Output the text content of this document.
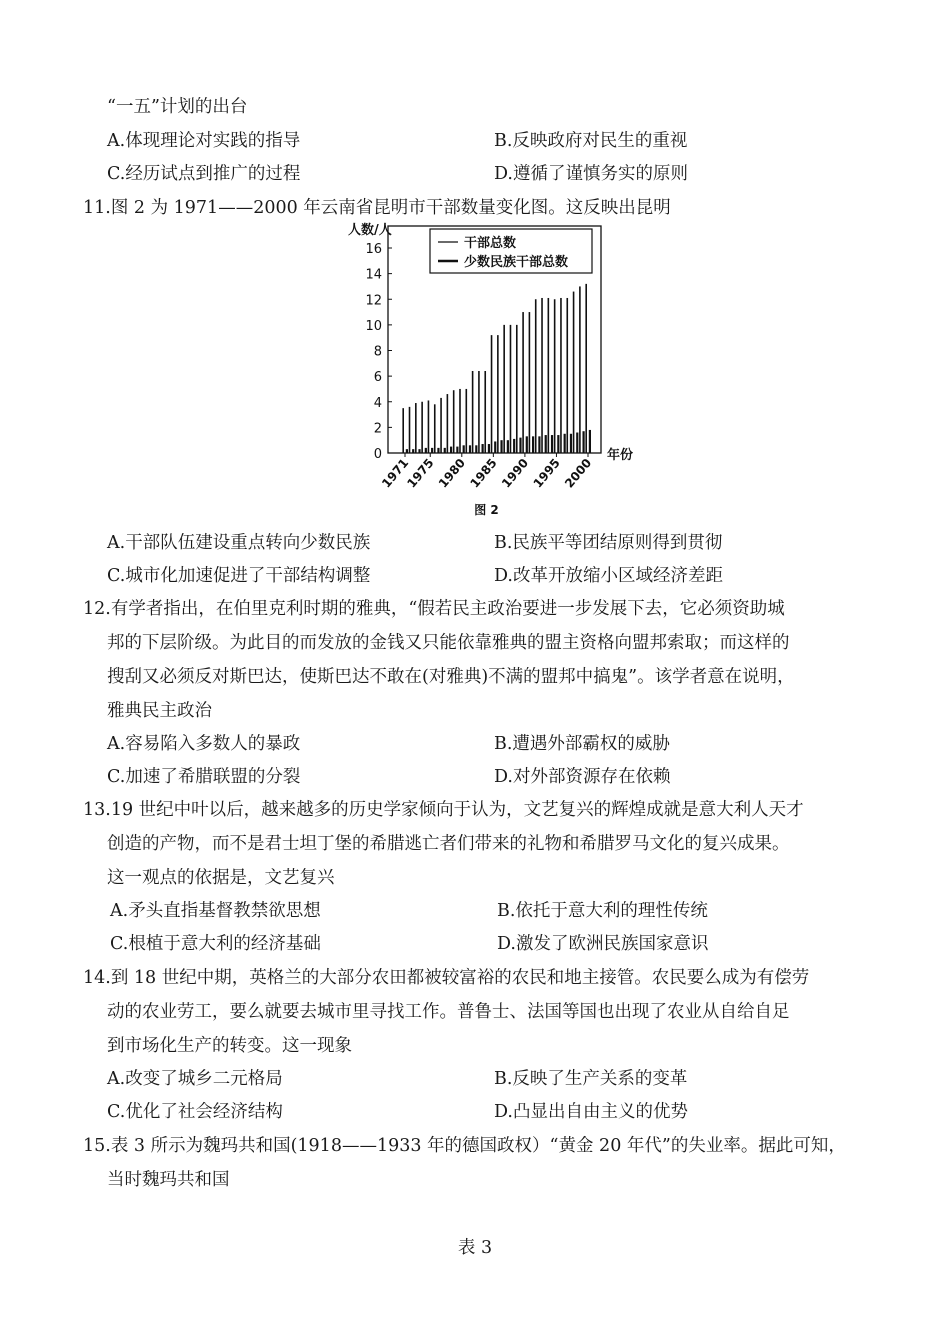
“一五”计划的出台
A.体现理论对实践的指导	B.反映政府对民生的重视
C.经历试点到推广的过程	D.遵循了谨慎务实的原则
11.图 2 为 1971——2000 年云南省昆明市干部数量变化图。这反映出昆明
人数/人
0
2
4
6
8
10
12
14
16
1971
1975 1980 1985 1990 1995 2000
年份
干部总数
少数民族干部总数
图 2
A.干部队伍建设重点转向少数民族	B.民族平等团结原则得到贯彻
C.城市化加速促进了干部结构调整	D.改革开放缩小区域经济差距
12.有学者指出，在伯里克利时期的雅典，“假若民主政治要进一步发展下去，它必须资助城
邦的下层阶级。为此目的而发放的金钱又只能依靠雅典的盟主资格向盟邦索取；而这样的
搜刮又必须反对斯巴达，使斯巴达不敢在(对雅典)不满的盟邦中搞鬼”。该学者意在说明，
雅典民主政治
A.容易陷入多数人的暴政	B.遭遇外部霸权的威胁
C.加速了希腊联盟的分裂	D.对外部资源存在依赖
13.19 世纪中叶以后，越来越多的历史学家倾向于认为，文艺复兴的辉煌成就是意大利人天才
创造的产物，而不是君士坦丁堡的希腊逃亡者们带来的礼物和希腊罗马文化的复兴成果。
这一观点的依据是，文艺复兴
A.矛头直指基督教禁欲思想	B.依托于意大利的理性传统
C.根植于意大利的经济基础	D.激发了欧洲民族国家意识
14.到 18 世纪中期，英格兰的大部分农田都被较富裕的农民和地主接管。农民要么成为有偿劳
动的农业劳工，要么就要去城市里寻找工作。普鲁士、法国等国也出现了农业从自给自足
到市场化生产的转变。这一现象
A.改变了城乡二元格局	B.反映了生产关系的变革
C.优化了社会经济结构	D.凸显出自由主义的优势
15.表 3 所示为魏玛共和国(1918——1933 年的德国政权）“黄金 20 年代”的失业率。据此可知，
当时魏玛共和国
表 3
